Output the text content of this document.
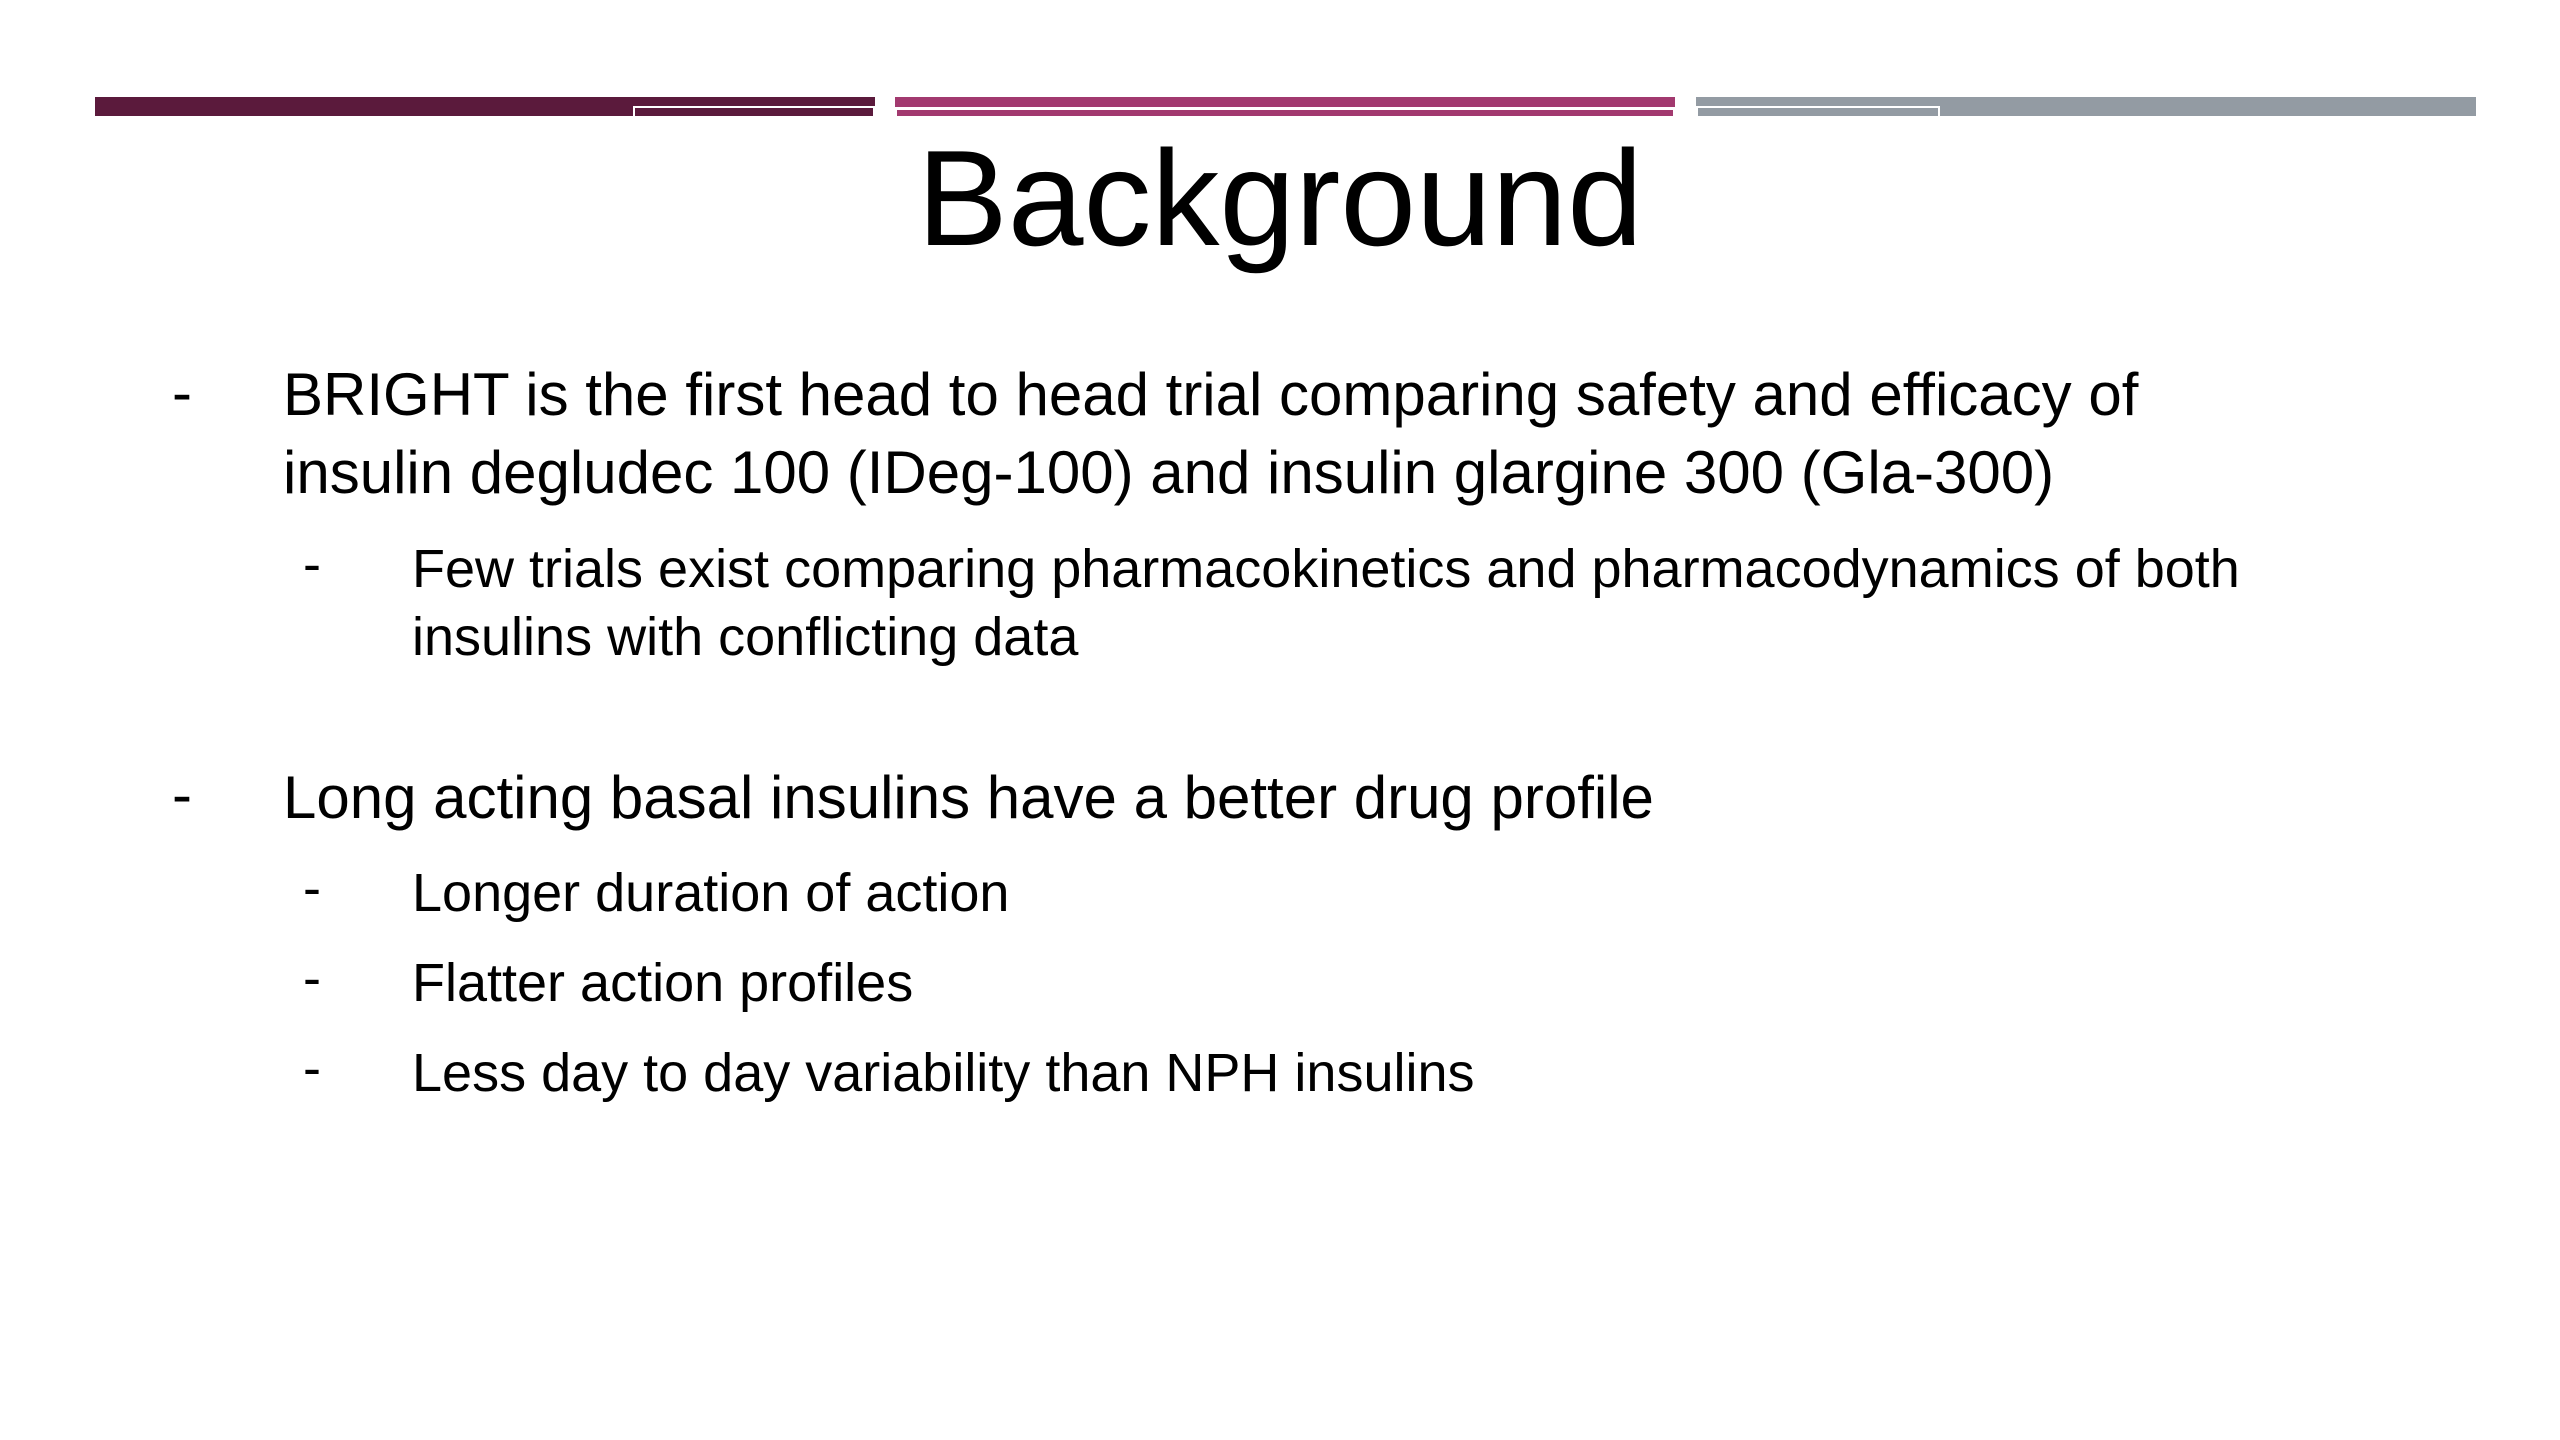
Background
- BRIGHT is the first head to head trial comparing safety and efficacy of
insulin degludec 100 (IDeg-100) and insulin glargine 300 (Gla-300)
- Few trials exist comparing pharmacokinetics and pharmacodynamics of both
insulins with conflicting data
- Long acting basal insulins have a better drug profile
- Longer duration of action
- Flatter action profiles
- Less day to day variability than NPH insulins
